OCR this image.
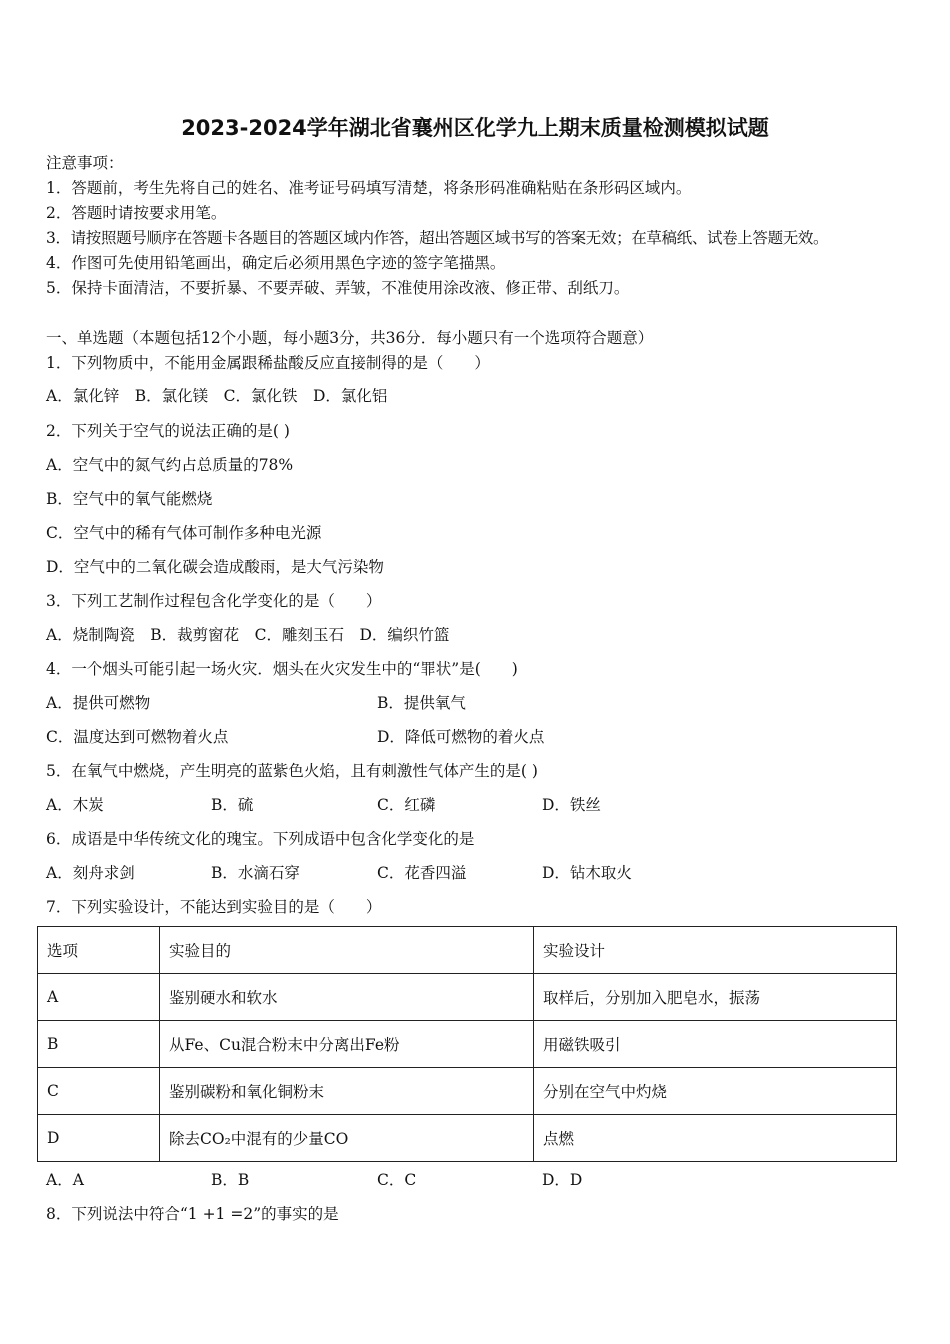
2023-2024学年湖北省襄州区化学九上期末质量检测模拟试题
注意事项：
1．答题前，考生先将自己的姓名、准考证号码填写清楚，将条形码准确粘贴在条形码区域内。
2．答题时请按要求用笔。
3．请按照题号顺序在答题卡各题目的答题区域内作答，超出答题区域书写的答案无效；在草稿纸、试卷上答题无效。
4．作图可先使用铅笔画出，确定后必须用黑色字迹的签字笔描黑。
5．保持卡面清洁，不要折暴、不要弄破、弄皱，不准使用涂改液、修正带、刮纸刀。
一、单选题（本题包括12个小题，每小题3分，共36分．每小题只有一个选项符合题意）
1．下列物质中，不能用金属跟稀盐酸反应直接制得的是（　　）
A．氯化锌　B．氯化镁　C．氯化铁　D．氯化铝
2．下列关于空气的说法正确的是( )
A．空气中的氮气约占总质量的78%
B．空气中的氧气能燃烧
C．空气中的稀有气体可制作多种电光源
D．空气中的二氧化碳会造成酸雨，是大气污染物
3．下列工艺制作过程包含化学变化的是（　　）
A．烧制陶瓷　B．裁剪窗花　C．雕刻玉石　D．编织竹篮
4．一个烟头可能引起一场火灾．烟头在火灾发生中的“罪状”是(　　)
A．提供可燃物	B．提供氧气
C．温度达到可燃物着火点	D．降低可燃物的着火点
5．在氧气中燃烧，产生明亮的蓝紫色火焰，且有刺激性气体产生的是( )
A．木炭	B．硫	C．红磷	D．铁丝
6．成语是中华传统文化的瑰宝。下列成语中包含化学变化的是
A．刻舟求剑	B．水滴石穿	C．花香四溢	D．钻木取火
7．下列实验设计，不能达到实验目的是（　　）
选项	实验目的	实验设计
A	鉴别硬水和软水	取样后，分别加入肥皂水，振荡
B	从Fe、Cu混合粉末中分离出Fe粉	用磁铁吸引
C	鉴别碳粉和氧化铜粉末	分别在空气中灼烧
D	除去CO₂中混有的少量CO	点燃
A．A	B．B	C．C	D．D
8．下列说法中符合“1 +1 =2”的事实的是
